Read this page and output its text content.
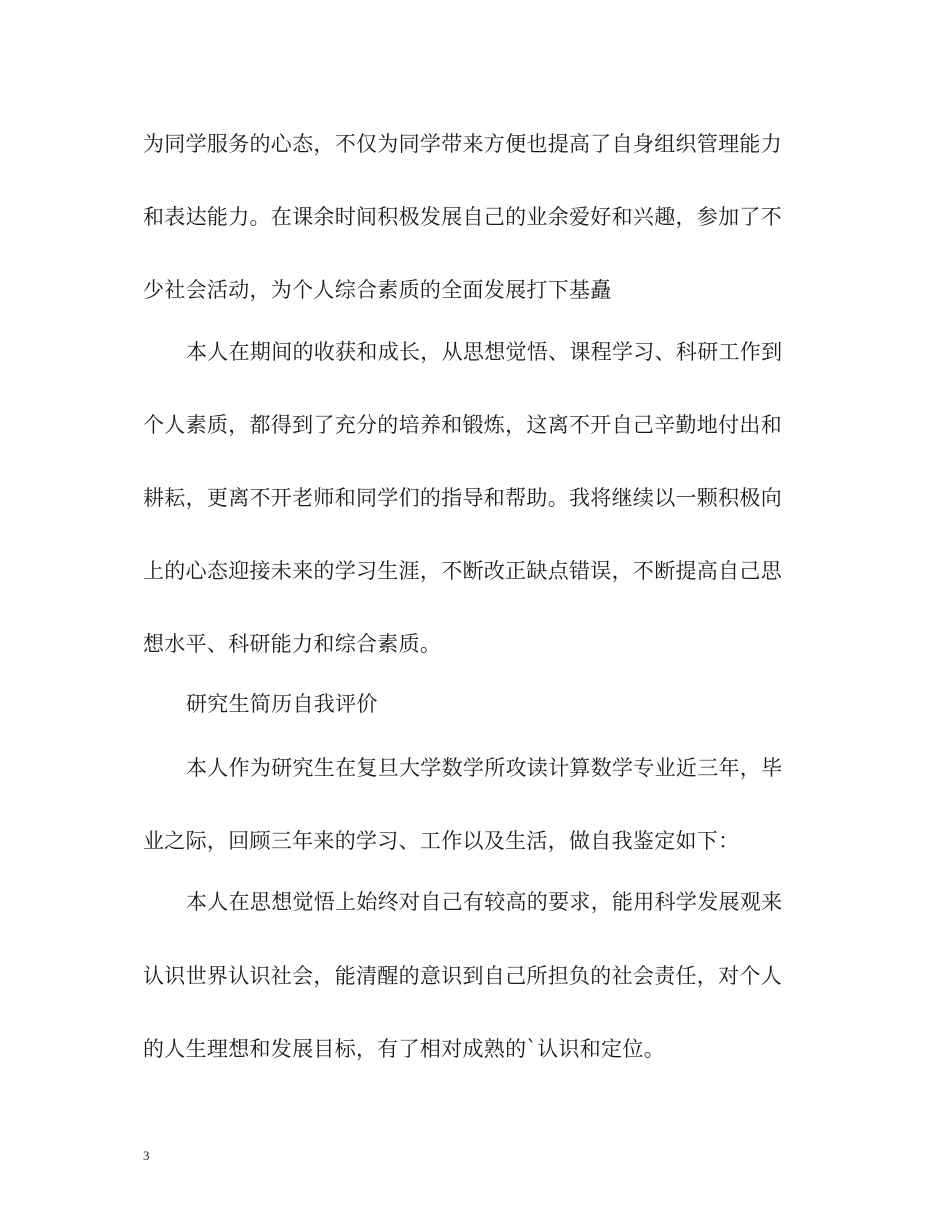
为同学服务的心态，不仅为同学带来方便也提高了自身组织管理能力
和表达能力。在课余时间积极发展自己的业余爱好和兴趣，参加了不
少社会活动，为个人综合素质的全面发展打下基矗
本人在期间的收获和成长，从思想觉悟、课程学习、科研工作到
个人素质，都得到了充分的培养和锻炼，这离不开自己辛勤地付出和
耕耘，更离不开老师和同学们的指导和帮助。我将继续以一颗积极向
上的心态迎接未来的学习生涯，不断改正缺点错误，不断提高自己思
想水平、科研能力和综合素质。
研究生简历自我评价
本人作为研究生在复旦大学数学所攻读计算数学专业近三年，毕
业之际，回顾三年来的学习、工作以及生活，做自我鉴定如下：
本人在思想觉悟上始终对自己有较高的要求，能用科学发展观来
认识世界认识社会，能清醒的意识到自己所担负的社会责任，对个人
的人生理想和发展目标，有了相对成熟的`认识和定位。
3
